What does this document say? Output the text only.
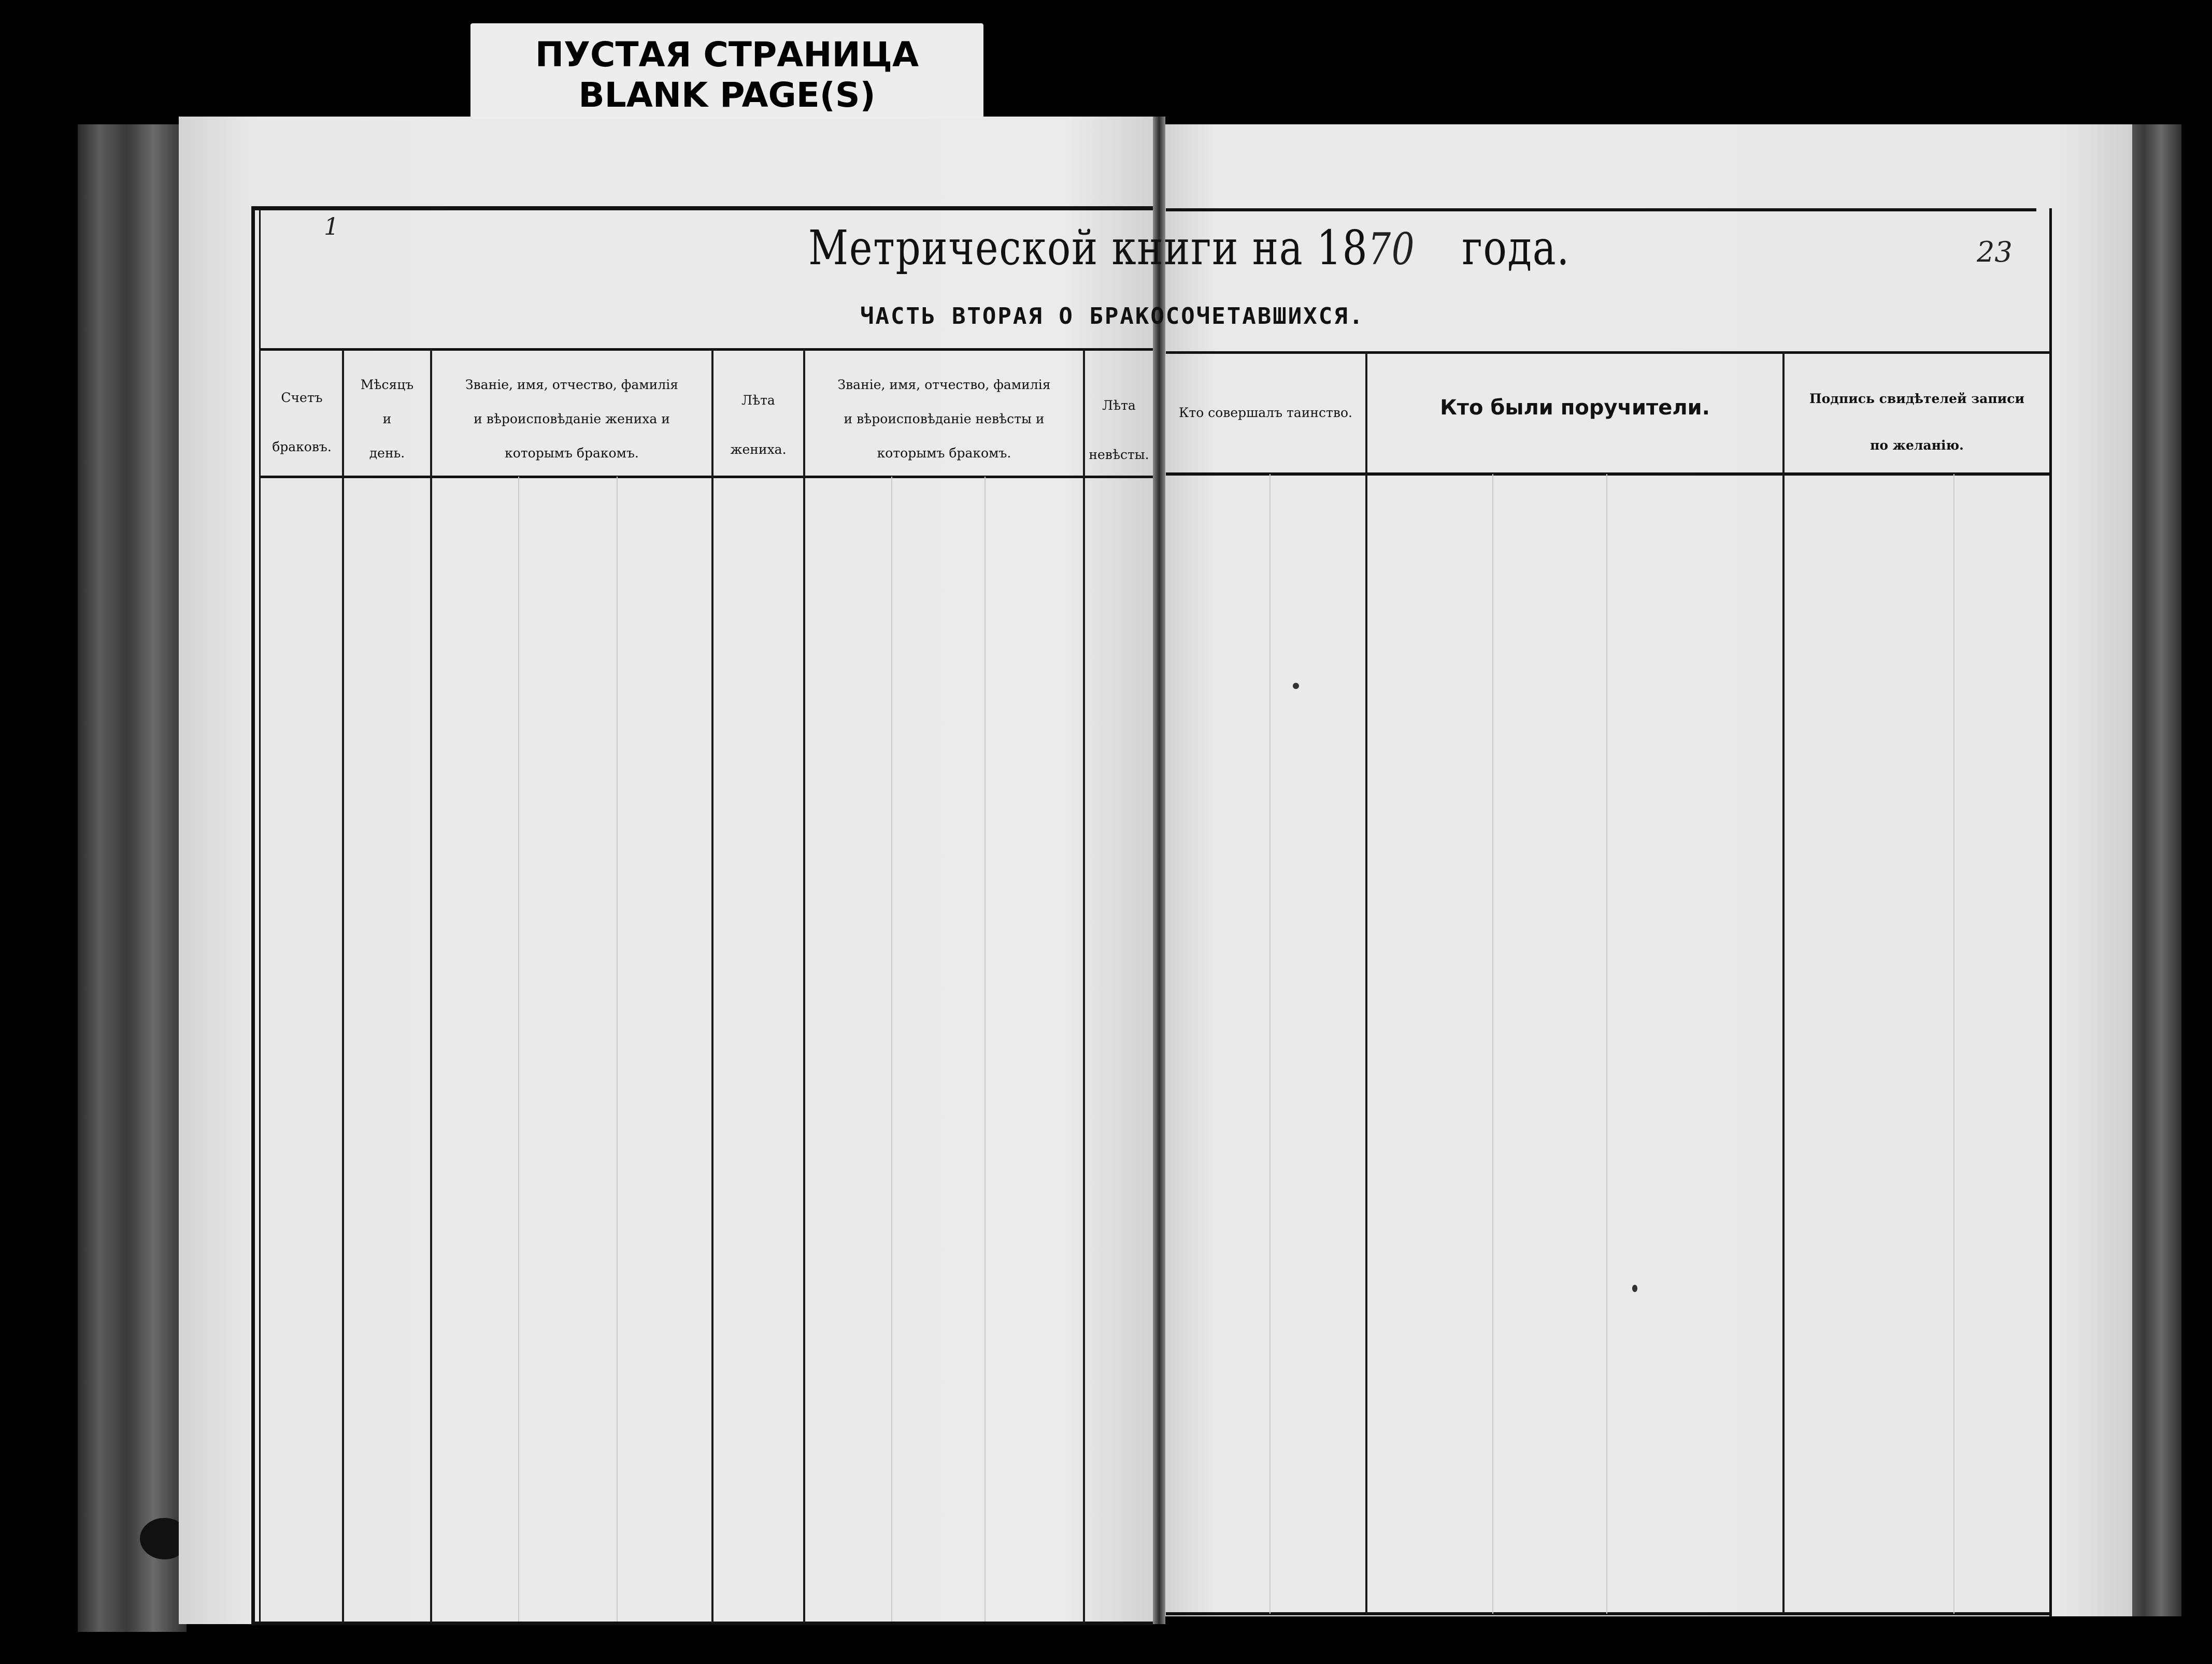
ПУСТАЯ СТРАНИЦА
BLANK PAGE(S)
Метрической книги на 1870 года.
ЧАСТЬ ВТОРАЯ О БРАКОСОЧЕТАВШИХСЯ.
23
1
Счетъ
браковъ.
Мѣсяцъ
и
день.
Званіе, имя, отчество, фамилія
и вѣроисповѣданіе жениха и
которымъ бракомъ.
Лѣта
жениха.
Званіе, имя, отчество, фамилія
и вѣроисповѣданіе невѣсты и
которымъ бракомъ.
Лѣта
невѣсты.
Кто совершалъ таинство.	Кто были поручители.	Подпись свидѣтелей записи
по желанію.
